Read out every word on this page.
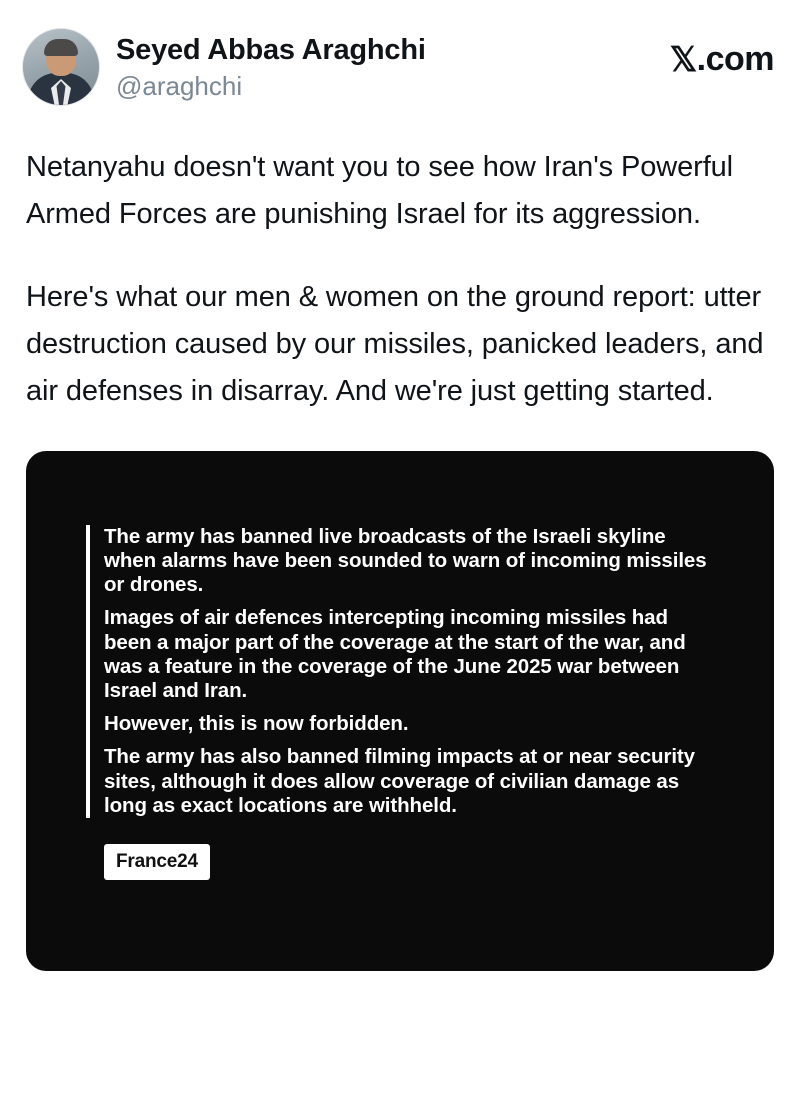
Seyed Abbas Araghchi
@araghchi
𝕏 .com

Netanyahu doesn't want you to see how Iran's Powerful Armed Forces are punishing Israel for its aggression.

Here's what our men & women on the ground report: utter destruction caused by our missiles, panicked leaders, and air defenses in disarray. And we're just getting started.

The army has banned live broadcasts of the Israeli skyline when alarms have been sounded to warn of incoming missiles or drones.
Images of air defences intercepting incoming missiles had been a major part of the coverage at the start of the war, and was a feature in the coverage of the June 2025 war between Israel and Iran.
However, this is now forbidden.
The army has also banned filming impacts at or near security sites, although it does allow coverage of civilian damage as long as exact locations are withheld.
France24
